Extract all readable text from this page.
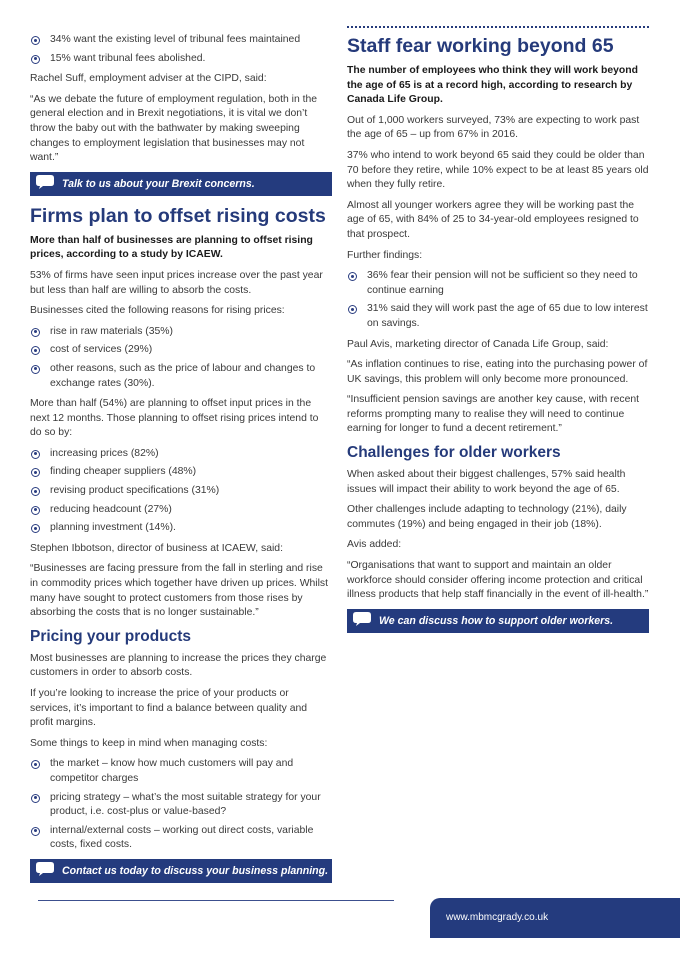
34% want the existing level of tribunal fees maintained
15% want tribunal fees abolished.

Rachel Suff, employment adviser at the CIPD, said:

“As we debate the future of employment regulation, both in the general election and in Brexit negotiations, it is vital we don’t throw the baby out with the bathwater by making sweeping changes to employment legislation that businesses may not want.”

Talk to us about your Brexit concerns.
Firms plan to offset rising costs

More than half of businesses are planning to offset rising prices, according to a study by ICAEW.

53% of firms have seen input prices increase over the past year but less than half are willing to absorb the costs.

Businesses cited the following reasons for rising prices:

rise in raw materials (35%)
cost of services (29%)
other reasons, such as the price of labour and changes to exchange rates (30%).

More than half (54%) are planning to offset input prices in the next 12 months. Those planning to offset rising prices intend to do so by:

increasing prices (82%)
finding cheaper suppliers (48%)
revising product specifications (31%)
reducing headcount (27%)
planning investment (14%).

Stephen Ibbotson, director of business at ICAEW, said:

“Businesses are facing pressure from the fall in sterling and rise in commodity prices which together have driven up prices. Whilst many have sought to protect customers from those rises by absorbing the costs that is no longer sustainable.”

Pricing your products

Most businesses are planning to increase the prices they charge customers in order to absorb costs.

If you’re looking to increase the price of your products or services, it’s important to find a balance between quality and profit margins.

Some things to keep in mind when managing costs:

the market – know how much customers will pay and competitor charges
pricing strategy – what’s the most suitable strategy for your product, i.e. cost-plus or value-based?
internal/external costs – working out direct costs, variable costs, fixed costs.
Contact us today to discuss your business planning.
Staff fear working beyond 65

The number of employees who think they will work beyond the age of 65 is at a record high, according to research by Canada Life Group.

Out of 1,000 workers surveyed, 73% are expecting to work past the age of 65 – up from 67% in 2016.

37% who intend to work beyond 65 said they could be older than 70 before they retire, while 10% expect to be at least 85 years old when they fully retire.

Almost all younger workers agree they will be working past the age of 65, with 84% of 25 to 34-year-old employees resigned to that prospect.

Further findings:

36% fear their pension will not be sufficient so they need to continue earning
31% said they will work past the age of 65 due to low interest on savings.

Paul Avis, marketing director of Canada Life Group, said:

“As inflation continues to rise, eating into the purchasing power of UK savings, this problem will only become more pronounced.

“Insufficient pension savings are another key cause, with recent reforms prompting many to realise they will need to continue earning for longer to fund a decent retirement.”

Challenges for older workers

When asked about their biggest challenges, 57% said health issues will impact their ability to work beyond the age of 65.

Other challenges include adapting to technology (21%), daily commutes (19%) and being engaged in their job (18%).

Avis added:

“Organisations that want to support and maintain an older workforce should consider offering income protection and critical illness products that help staff financially in the event of ill-health.”

We can discuss how to support older workers.
www.mbmcgrady.co.uk
